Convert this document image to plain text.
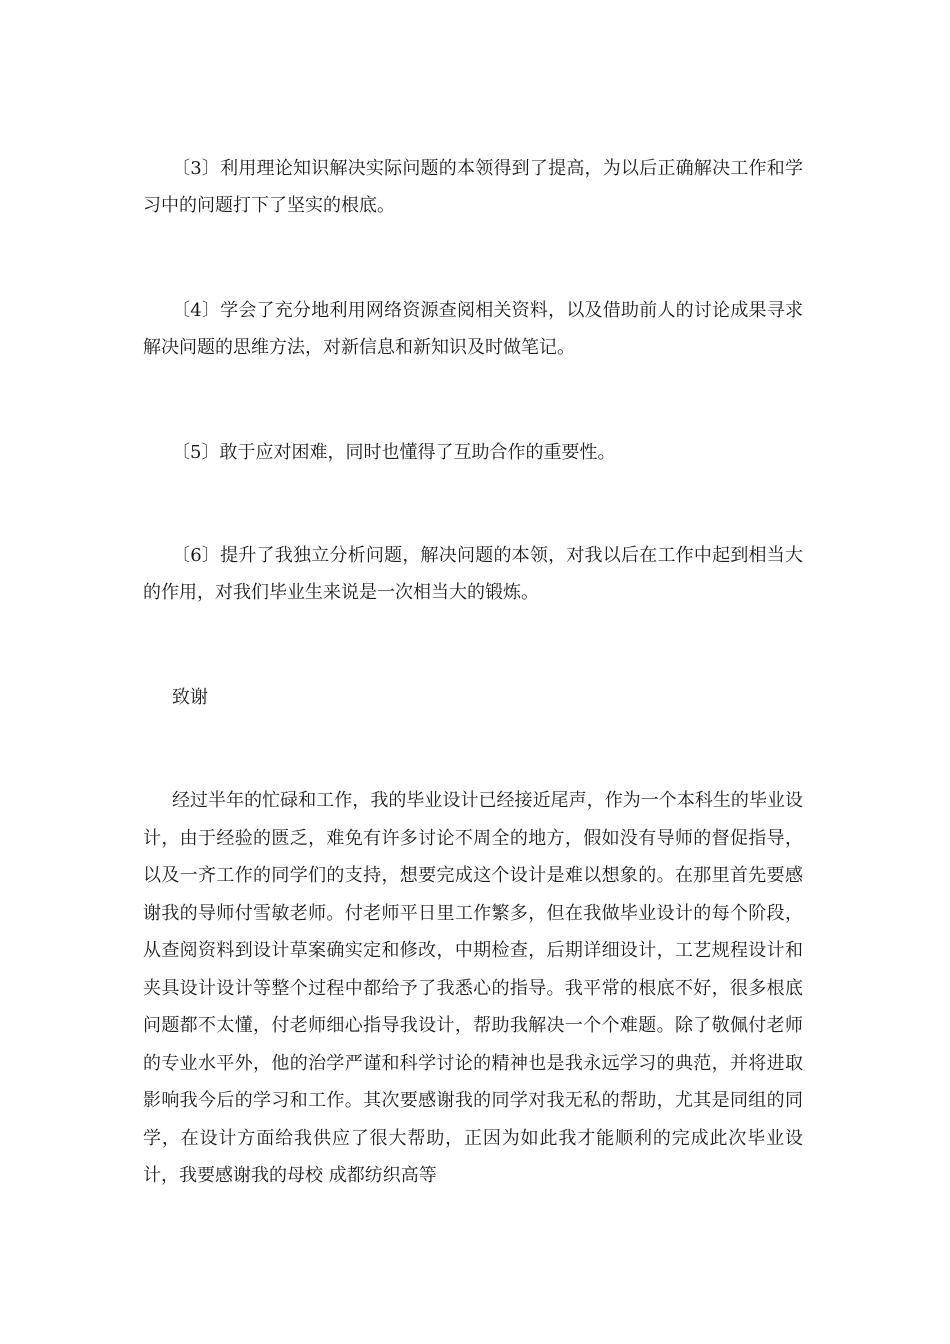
〔3〕利用理论知识解决实际问题的本领得到了提高，为以后正确解决工作和学习中的问题打下了坚实的根底。

〔4〕学会了充分地利用网络资源查阅相关资料，以及借助前人的讨论成果寻求解决问题的思维方法，对新信息和新知识及时做笔记。

〔5〕敢于应对困难，同时也懂得了互助合作的重要性。

〔6〕提升了我独立分析问题，解决问题的本领，对我以后在工作中起到相当大的作用，对我们毕业生来说是一次相当大的锻炼。

致谢

经过半年的忙碌和工作，我的毕业设计已经接近尾声，作为一个本科生的毕业设计，由于经验的匮乏，难免有许多讨论不周全的地方，假如没有导师的督促指导，以及一齐工作的同学们的支持，想要完成这个设计是难以想象的。在那里首先要感谢我的导师付雪敏老师。付老师平日里工作繁多，但在我做毕业设计的每个阶段，从查阅资料到设计草案确实定和修改，中期检查，后期详细设计，工艺规程设计和夹具设计设计等整个过程中都给予了我悉心的指导。我平常的根底不好，很多根底问题都不太懂，付老师细心指导我设计，帮助我解决一个个难题。除了敬佩付老师的专业水平外，他的治学严谨和科学讨论的精神也是我永远学习的典范，并将进取影响我今后的学习和工作。其次要感谢我的同学对我无私的帮助，尤其是同组的同学，在设计方面给我供应了很大帮助，正因为如此我才能顺利的完成此次毕业设计，我要感谢我的母校 成都纺织高等
